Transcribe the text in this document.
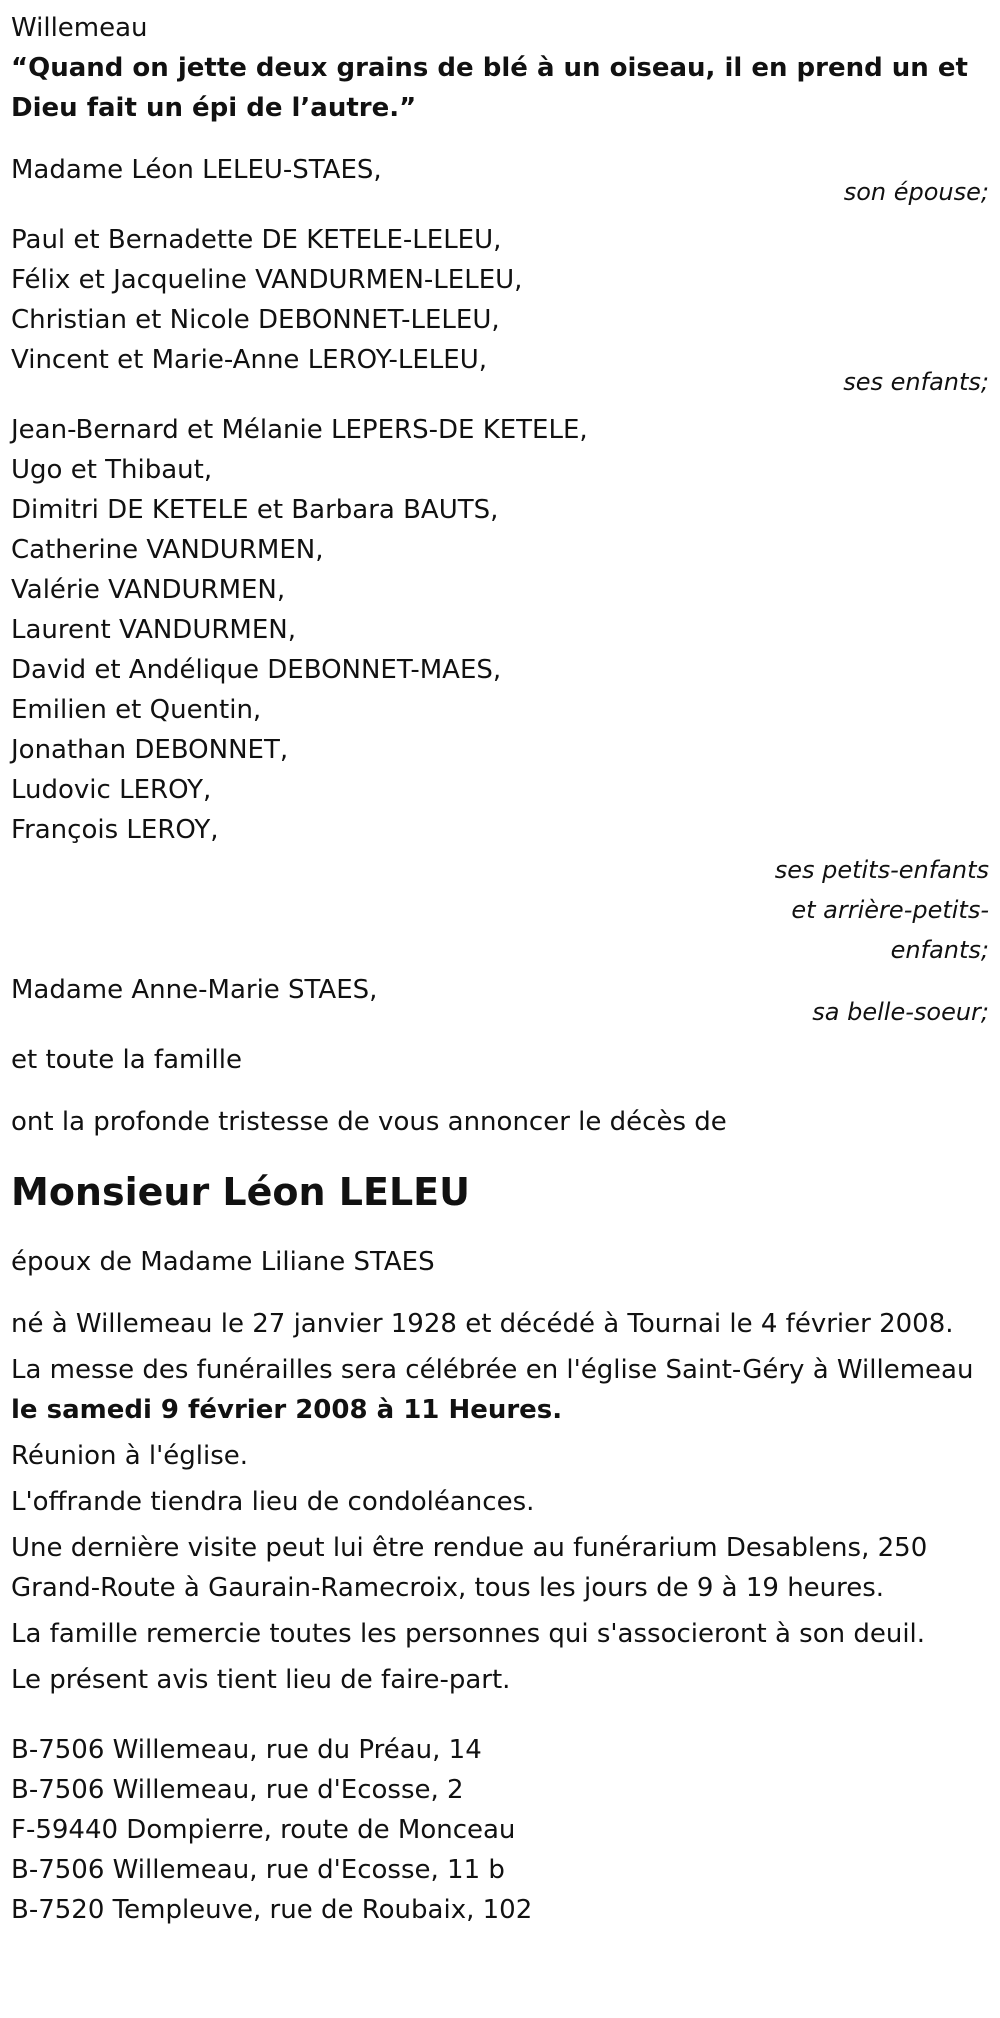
Willemeau
“Quand on jette deux grains de blé à un oiseau, il en prend un et Dieu fait un épi de l’autre.”
Madame Léon LELEU-STAES,
son épouse;
Paul et Bernadette DE KETELE-LELEU,
Félix et Jacqueline VANDURMEN-LELEU,
Christian et Nicole DEBONNET-LELEU,
Vincent et Marie-Anne LEROY-LELEU,
ses enfants;
Jean-Bernard et Mélanie LEPERS-DE KETELE,
Ugo et Thibaut,
Dimitri DE KETELE et Barbara BAUTS,
Catherine VANDURMEN,
Valérie VANDURMEN,
Laurent VANDURMEN,
David et Andélique DEBONNET-MAES,
Emilien et Quentin,
Jonathan DEBONNET,
Ludovic LEROY,
François LEROY,
ses petits-enfants
et arrière-petits-
enfants;
Madame Anne-Marie STAES,
sa belle-soeur;
et toute la famille
ont la profonde tristesse de vous annoncer le décès de
Monsieur Léon LELEU
époux de Madame Liliane STAES
né à Willemeau le 27 janvier 1928 et décédé à Tournai le 4 février 2008.
La messe des funérailles sera célébrée en l'église Saint-Géry à Willemeau
le samedi 9 février 2008 à 11 Heures.
Réunion à l'église.
L'offrande tiendra lieu de condoléances.
Une dernière visite peut lui être rendue au funérarium Desablens, 250 Grand-Route à Gaurain-Ramecroix, tous les jours de 9 à 19 heures.
La famille remercie toutes les personnes qui s'associeront à son deuil.
Le présent avis tient lieu de faire-part.
B-7506 Willemeau, rue du Préau, 14
B-7506 Willemeau, rue d'Ecosse, 2
F-59440 Dompierre, route de Monceau
B-7506 Willemeau, rue d'Ecosse, 11 b
B-7520 Templeuve, rue de Roubaix, 102
